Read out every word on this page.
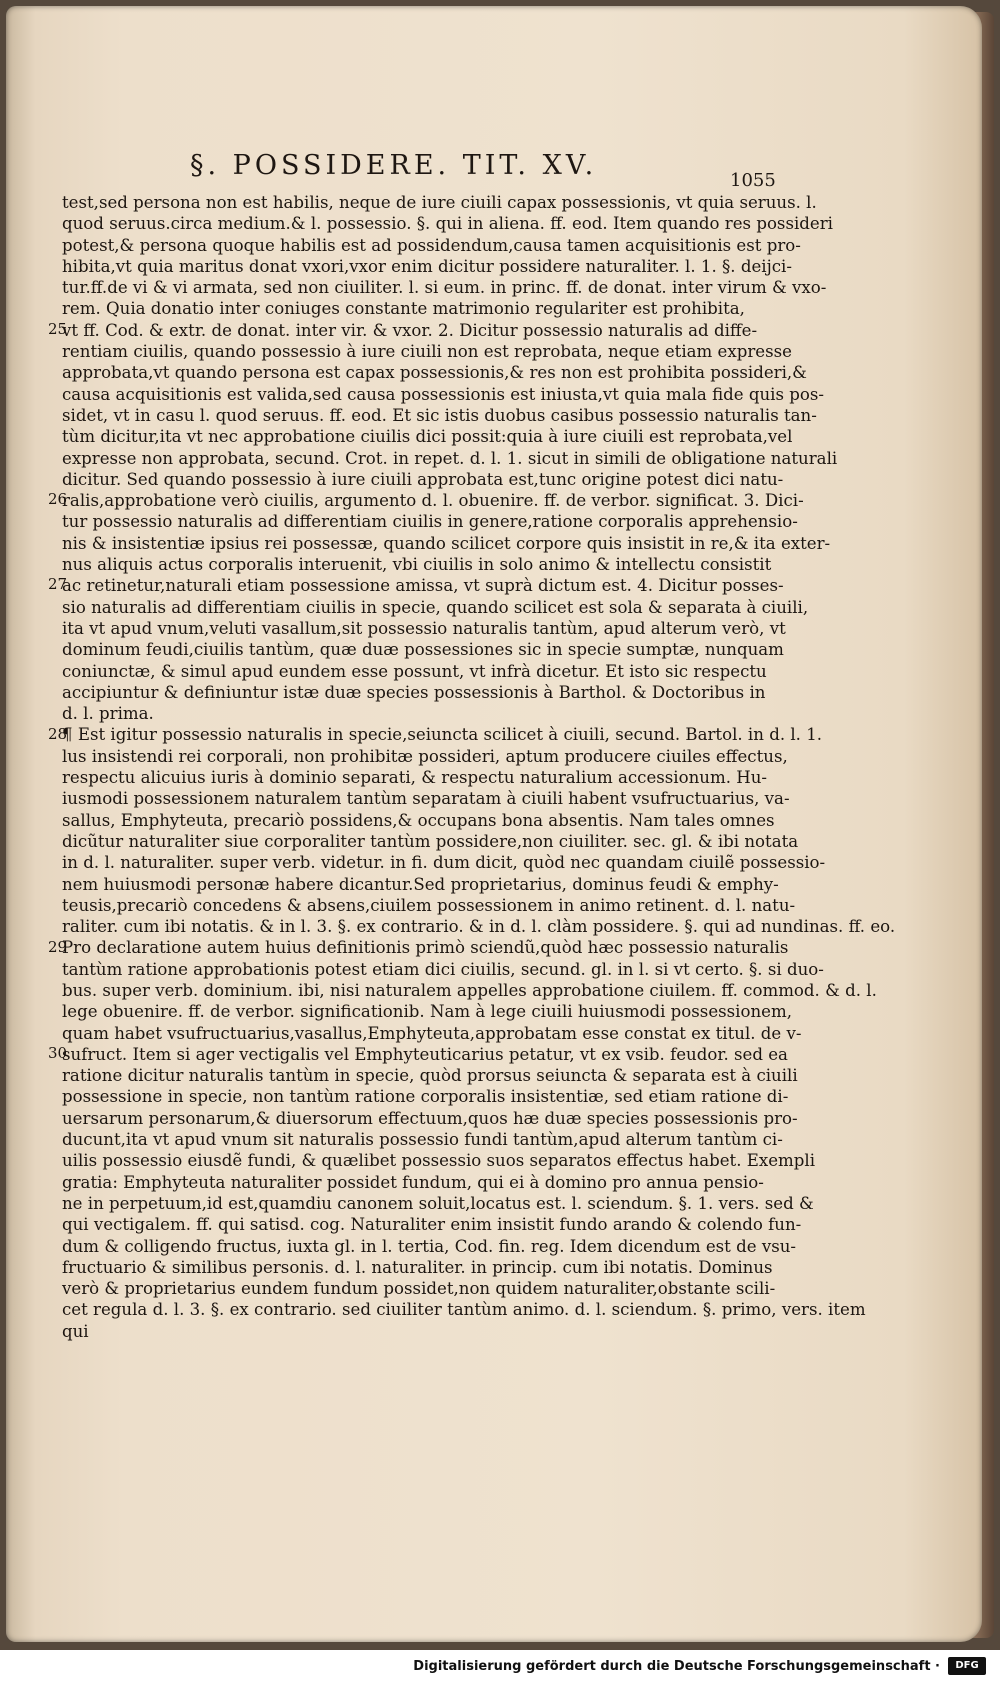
§. POSSIDERE. TIT. XV.	1055
test,sed persona non est habilis, neque de iure ciuili capax possessionis, vt quia seruus. l.
quod seruus.circa medium.& l. possessio. §. qui in aliena. ff. eod. Item quando res possideri
potest,& persona quoque habilis est ad possidendum,causa tamen acquisitionis est pro-
hibita,vt quia maritus donat vxori,vxor enim dicitur possidere naturaliter. l. 1. §. deijci-
tur.ff.de vi & vi armata, sed non ciuiliter. l. si eum. in princ. ff. de donat. inter virum & vxo-
rem. Quia donatio inter coniuges constante matrimonio regulariter est prohibita,
vt ff. Cod. & extr. de donat. inter vir. & vxor. 2. Dicitur possessio naturalis ad diffe-
rentiam ciuilis, quando possessio à iure ciuili non est reprobata, neque etiam expresse
approbata,vt quando persona est capax possessionis,& res non est prohibita possideri,&
causa acquisitionis est valida,sed causa possessionis est iniusta,vt quia mala fide quis pos-
sidet, vt in casu l. quod seruus. ff. eod. Et sic istis duobus casibus possessio naturalis tan-
tùm dicitur,ita vt nec approbatione ciuilis dici possit:quia à iure ciuili est reprobata,vel
expresse non approbata, secund. Crot. in repet. d. l. 1. sicut in simili de obligatione naturali
dicitur. Sed quando possessio à iure ciuili approbata est,tunc origine potest dici natu-
ralis,approbatione verò ciuilis, argumento d. l. obuenire. ff. de verbor. significat. 3. Dici-
tur possessio naturalis ad differentiam ciuilis in genere,ratione corporalis apprehensio-
nis & insistentiæ ipsius rei possessæ, quando scilicet corpore quis insistit in re,& ita exter-
nus aliquis actus corporalis interuenit, vbi ciuilis in solo animo & intellectu consistit
ac retinetur,naturali etiam possessione amissa, vt suprà dictum est. 4. Dicitur posses-
sio naturalis ad differentiam ciuilis in specie, quando scilicet est sola & separata à ciuili,
ita vt apud vnum,veluti vasallum,sit possessio naturalis tantùm, apud alterum verò, vt
dominum feudi,ciuilis tantùm, quæ duæ possessiones sic in specie sumptæ, nunquam
coniunctæ, & simul apud eundem esse possunt, vt infrà dicetur. Et isto sic respectu
accipiuntur & definiuntur istæ duæ species possessionis à Barthol. & Doctoribus in
d. l. prima.
¶ Est igitur possessio naturalis in specie,seiuncta scilicet à ciuili, secund. Bartol. in d. l. 1.
lus insistendi rei corporali, non prohibitæ possideri, aptum producere ciuiles effectus,
respectu alicuius iuris à dominio separati, & respectu naturalium accessionum. Hu-
iusmodi possessionem naturalem tantùm separatam à ciuili habent vsufructuarius, va-
sallus, Emphyteuta, precariò possidens,& occupans bona absentis. Nam tales omnes
dicũtur naturaliter siue corporaliter tantùm possidere,non ciuiliter. sec. gl. & ibi notata
in d. l. naturaliter. super verb. videtur. in fi. dum dicit, quòd nec quandam ciuilẽ possessio-
nem huiusmodi personæ habere dicantur.Sed proprietarius, dominus feudi & emphy-
teusis,precariò concedens & absens,ciuilem possessionem in animo retinent. d. l. natu-
raliter. cum ibi notatis. & in l. 3. §. ex contrario. & in d. l. clàm possidere. §. qui ad nundinas. ff. eo.
Pro declaratione autem huius definitionis primò sciendũ,quòd hæc possessio naturalis
tantùm ratione approbationis potest etiam dici ciuilis, secund. gl. in l. si vt certo. §. si duo-
bus. super verb. dominium. ibi, nisi naturalem appelles approbatione ciuilem. ff. commod. & d. l.
lege obuenire. ff. de verbor. significationib. Nam à lege ciuili huiusmodi possessionem,
quam habet vsufructuarius,vasallus,Emphyteuta,approbatam esse constat ex titul. de v-
sufruct. Item si ager vectigalis vel Emphyteuticarius petatur, vt ex vsib. feudor. sed ea
ratione dicitur naturalis tantùm in specie, quòd prorsus seiuncta & separata est à ciuili
possessione in specie, non tantùm ratione corporalis insistentiæ, sed etiam ratione di-
uersarum personarum,& diuersorum effectuum,quos hæ duæ species possessionis pro-
ducunt,ita vt apud vnum sit naturalis possessio fundi tantùm,apud alterum tantùm ci-
uilis possessio eiusdẽ fundi, & quælibet possessio suos separatos effectus habet. Exempli
gratia: Emphyteuta naturaliter possidet fundum, qui ei à domino pro annua pensio-
ne in perpetuum,id est,quamdiu canonem soluit,locatus est. l. sciendum. §. 1. vers. sed &
qui vectigalem. ff. qui satisd. cog. Naturaliter enim insistit fundo arando & colendo fun-
dum & colligendo fructus, iuxta gl. in l. tertia, Cod. fin. reg. Idem dicendum est de vsu-
fructuario & similibus personis. d. l. naturaliter. in princip. cum ibi notatis. Dominus
verò & proprietarius eundem fundum possidet,non quidem naturaliter,obstante scili-
cet regula d. l. 3. §. ex contrario. sed ciuiliter tantùm animo. d. l. sciendum. §. primo, vers. item
qui
25
26
27
28
29
30
Digitalisierung gefördert durch die Deutsche Forschungsgemeinschaft ·	DFG
